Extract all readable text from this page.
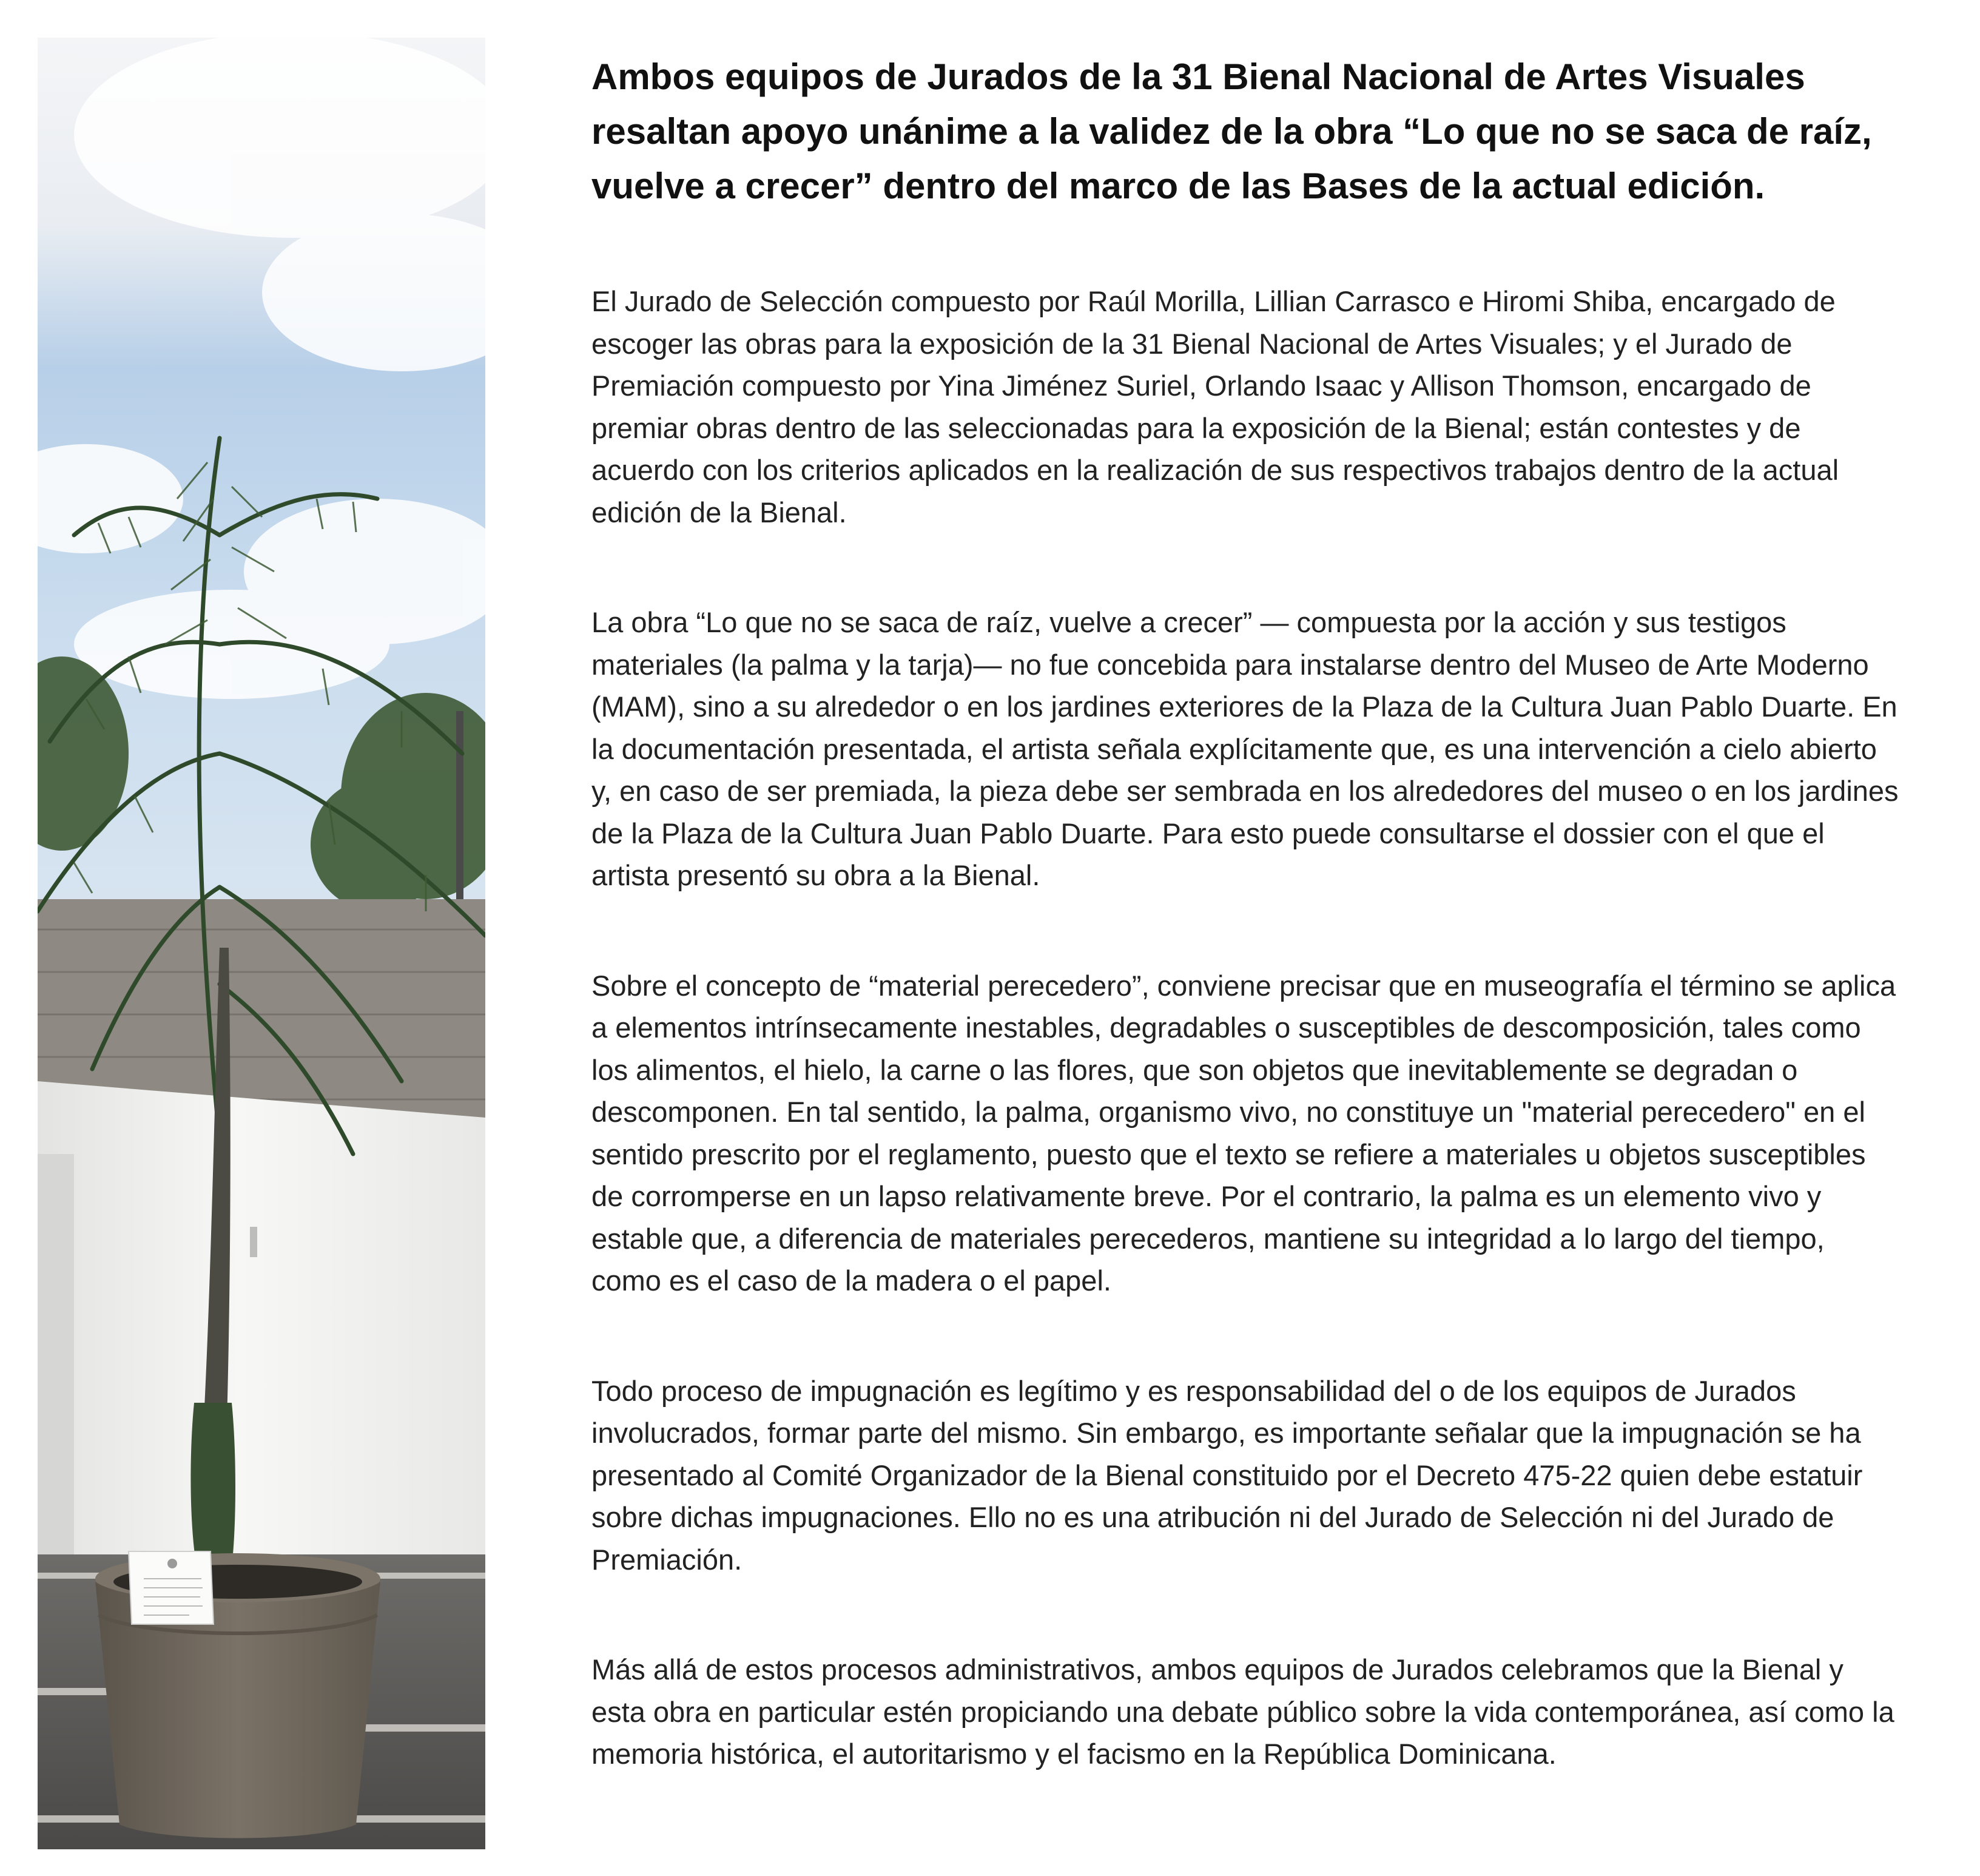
Ambos equipos de Jurados de la 31 Bienal Nacional de Artes Visuales resaltan apoyo unánime a la validez de la obra “Lo que no se saca de raíz, vuelve a crecer” dentro del marco de las Bases de la actual edición.

El Jurado de Selección compuesto por Raúl Morilla, Lillian Carrasco e Hiromi Shiba, encargado de escoger las obras para la exposición de la 31 Bienal Nacional de Artes Visuales; y el Jurado de Premiación compuesto por Yina Jiménez Suriel, Orlando Isaac y Allison Thomson, encargado de premiar obras dentro de las seleccionadas para la exposición de la Bienal; están contestes y de acuerdo con los criterios aplicados en la realización de sus respectivos trabajos dentro de la actual edición de la Bienal.

La obra “Lo que no se saca de raíz, vuelve a crecer” — compuesta por la acción y sus testigos materiales (la palma y la tarja)— no fue concebida para instalarse dentro del Museo de Arte Moderno (MAM), sino a su alrededor o en los jardines exteriores de la Plaza de la Cultura Juan Pablo Duarte. En la documentación presentada, el artista señala explícitamente que, es una intervención a cielo abierto y, en caso de ser premiada, la pieza debe ser sembrada en los alrededores del museo o en los jardines de la Plaza de la Cultura Juan Pablo Duarte. Para esto puede consultarse el dossier con el que el artista presentó su obra a la Bienal.

Sobre el concepto de “material perecedero”, conviene precisar que en museografía el término se aplica a elementos intrínsecamente inestables, degradables o susceptibles de descomposición, tales como los alimentos, el hielo, la carne o las flores, que son objetos que inevitablemente se degradan o descomponen. En tal sentido, la palma, organismo vivo, no constituye un "material perecedero" en el sentido prescrito por el reglamento, puesto que el texto se refiere a materiales u objetos susceptibles de corromperse en un lapso relativamente breve. Por el contrario, la palma es un elemento vivo y estable que, a diferencia de materiales perecederos, mantiene su integridad a lo largo del tiempo, como es el caso de la madera o el papel.

Todo proceso de impugnación es legítimo y es responsabilidad del o de los equipos de Jurados involucrados, formar parte del mismo. Sin embargo, es importante señalar que la impugnación se ha presentado al Comité Organizador de la Bienal constituido por el Decreto 475-22 quien debe estatuir sobre dichas impugnaciones. Ello no es una atribución ni del Jurado de Selección ni del Jurado de Premiación.

Más allá de estos procesos administrativos, ambos equipos de Jurados celebramos que la Bienal y esta obra en particular estén propiciando una debate público sobre la vida contemporánea, así como la memoria histórica, el autoritarismo y el facismo en la República Dominicana.
